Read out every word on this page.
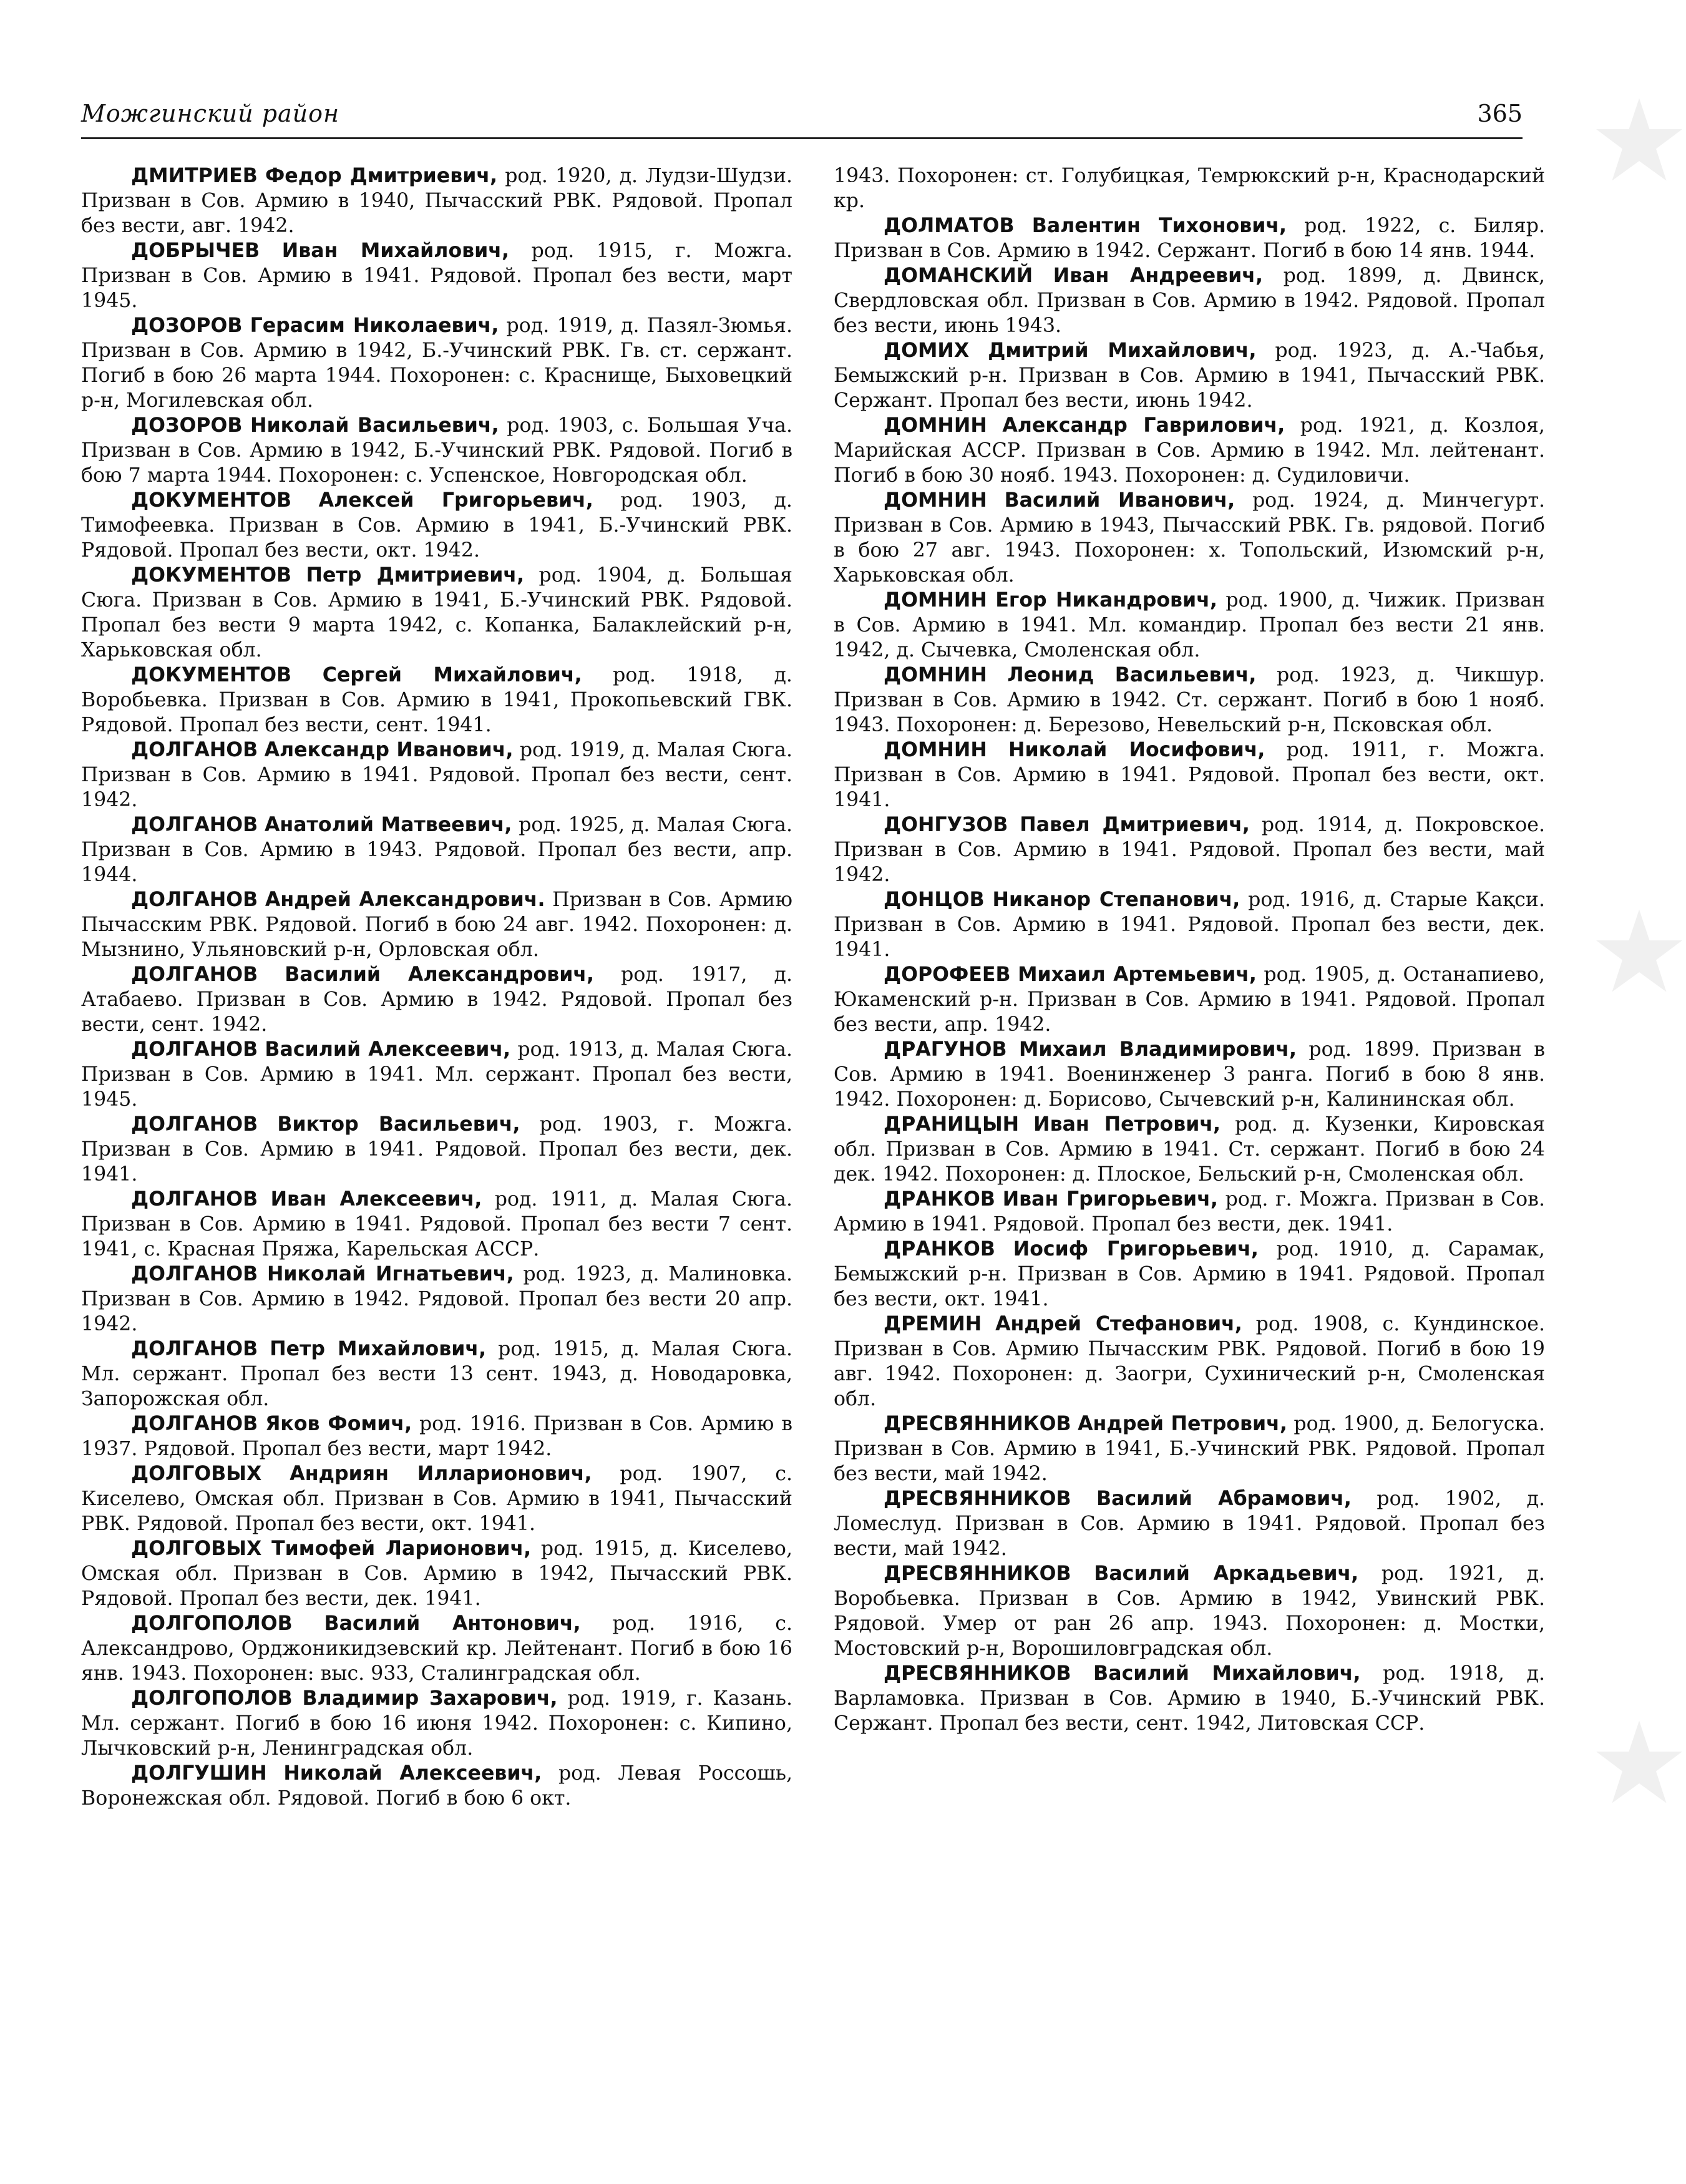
Можгинский район	365

ДМИТРИЕВ Федор Дмитриевич, род. 1920, д. Лудзи-Шудзи. Призван в Сов. Армию в 1940, Пычасский РВК. Рядовой. Пропал без вести, авг. 1942.

ДОБРЫЧЕВ Иван Михайлович, род. 1915, г. Можга. Призван в Сов. Армию в 1941. Рядовой. Пропал без вести, март 1945.

ДОЗОРОВ Герасим Николаевич, род. 1919, д. Пазял-Зюмья. Призван в Сов. Армию в 1942, Б.-Учинский РВК. Гв. ст. сержант. Погиб в бою 26 марта 1944. Похоронен: с. Краснище, Быховецкий р-н, Могилевская обл.

ДОЗОРОВ Николай Васильевич, род. 1903, с. Большая Уча. Призван в Сов. Армию в 1942, Б.-Учинский РВК. Рядовой. Погиб в бою 7 марта 1944. Похоронен: с. Успенское, Новгородская обл.

ДОКУМЕНТОВ Алексей Григорьевич, род. 1903, д. Тимофеевка. Призван в Сов. Армию в 1941, Б.-Учинский РВК. Рядовой. Пропал без вести, окт. 1942.

ДОКУМЕНТОВ Петр Дмитриевич, род. 1904, д. Большая Сюга. Призван в Сов. Армию в 1941, Б.-Учинский РВК. Рядовой. Пропал без вести 9 марта 1942, с. Копанка, Балаклейский р-н, Харьковская обл.

ДОКУМЕНТОВ Сергей Михайлович, род. 1918, д. Воробьевка. Призван в Сов. Армию в 1941, Прокопьевский ГВК. Рядовой. Пропал без вести, сент. 1941.

ДОЛГАНОВ Александр Иванович, род. 1919, д. Малая Сюга. Призван в Сов. Армию в 1941. Рядовой. Пропал без вести, сент. 1942.

ДОЛГАНОВ Анатолий Матвеевич, род. 1925, д. Малая Сюга. Призван в Сов. Армию в 1943. Рядовой. Пропал без вести, апр. 1944.

ДОЛГАНОВ Андрей Александрович. Призван в Сов. Армию Пычасским РВК. Рядовой. Погиб в бою 24 авг. 1942. Похоронен: д. Мызнино, Ульяновский р-н, Орловская обл.

ДОЛГАНОВ Василий Александрович, род. 1917, д. Атабаево. Призван в Сов. Армию в 1942. Рядовой. Пропал без вести, сент. 1942.

ДОЛГАНОВ Василий Алексеевич, род. 1913, д. Малая Сюга. Призван в Сов. Армию в 1941. Мл. сержант. Пропал без вести, 1945.

ДОЛГАНОВ Виктор Васильевич, род. 1903, г. Можга. Призван в Сов. Армию в 1941. Рядовой. Пропал без вести, дек. 1941.

ДОЛГАНОВ Иван Алексеевич, род. 1911, д. Малая Сюга. Призван в Сов. Армию в 1941. Рядовой. Пропал без вести 7 сент. 1941, с. Красная Пряжа, Карельская АССР.

ДОЛГАНОВ Николай Игнатьевич, род. 1923, д. Малиновка. Призван в Сов. Армию в 1942. Рядовой. Пропал без вести 20 апр. 1942.

ДОЛГАНОВ Петр Михайлович, род. 1915, д. Малая Сюга. Мл. сержант. Пропал без вести 13 сент. 1943, д. Новодаровка, Запорожская обл.

ДОЛГАНОВ Яков Фомич, род. 1916. Призван в Сов. Армию в 1937. Рядовой. Пропал без вести, март 1942.

ДОЛГОВЫХ Андриян Илларионович, род. 1907, с. Киселево, Омская обл. Призван в Сов. Армию в 1941, Пычасский РВК. Рядовой. Пропал без вести, окт. 1941.

ДОЛГОВЫХ Тимофей Ларионович, род. 1915, д. Киселево, Омская обл. Призван в Сов. Армию в 1942, Пычасский РВК. Рядовой. Пропал без вести, дек. 1941.

ДОЛГОПОЛОВ Василий Антонович, род. 1916, с. Александрово, Орджоникидзевский кр. Лейтенант. Погиб в бою 16 янв. 1943. Похоронен: выс. 933, Сталинградская обл.

ДОЛГОПОЛОВ Владимир Захарович, род. 1919, г. Казань. Мл. сержант. Погиб в бою 16 июня 1942. Похоронен: с. Кипино, Лычковский р-н, Ленинградская обл.

ДОЛГУШИН Николай Алексеевич, род. Левая Россошь, Воронежская обл. Рядовой. Погиб в бою 6 окт.

1943. Похоронен: ст. Голубицкая, Темрюкский р-н, Краснодарский кр.

ДОЛМАТОВ Валентин Тихонович, род. 1922, с. Биляр. Призван в Сов. Армию в 1942. Сержант. Погиб в бою 14 янв. 1944.

ДОМАНСКИЙ Иван Андреевич, род. 1899, д. Двинск, Свердловская обл. Призван в Сов. Армию в 1942. Рядовой. Пропал без вести, июнь 1943.

ДОМИХ Дмитрий Михайлович, род. 1923, д. А.-Чабья, Бемыжский р-н. Призван в Сов. Армию в 1941, Пычасский РВК. Сержант. Пропал без вести, июнь 1942.

ДОМНИН Александр Гаврилович, род. 1921, д. Козлоя, Марийская АССР. Призван в Сов. Армию в 1942. Мл. лейтенант. Погиб в бою 30 нояб. 1943. Похоронен: д. Судиловичи.

ДОМНИН Василий Иванович, род. 1924, д. Минчегурт. Призван в Сов. Армию в 1943, Пычасский РВК. Гв. рядовой. Погиб в бою 27 авг. 1943. Похоронен: х. Топольский, Изюмский р-н, Харьковская обл.

ДОМНИН Егор Никандрович, род. 1900, д. Чижик. Призван в Сов. Армию в 1941. Мл. командир. Пропал без вести 21 янв. 1942, д. Сычевка, Смоленская обл.

ДОМНИН Леонид Васильевич, род. 1923, д. Чикшур. Призван в Сов. Армию в 1942. Ст. сержант. Погиб в бою 1 нояб. 1943. Похоронен: д. Березово, Невельский р-н, Псковская обл.

ДОМНИН Николай Иосифович, род. 1911, г. Можга. Призван в Сов. Армию в 1941. Рядовой. Пропал без вести, окт. 1941.

ДОНГУЗОВ Павел Дмитриевич, род. 1914, д. Покровское. Призван в Сов. Армию в 1941. Рядовой. Пропал без вести, май 1942.

ДОНЦОВ Никанор Степанович, род. 1916, д. Старые Кақси. Призван в Сов. Армию в 1941. Рядовой. Пропал без вести, дек. 1941.

ДОРОФЕЕВ Михаил Артемьевич, род. 1905, д. Останапиево, Юкаменский р-н. Призван в Сов. Армию в 1941. Рядовой. Пропал без вести, апр. 1942.

ДРАГУНОВ Михаил Владимирович, род. 1899. Призван в Сов. Армию в 1941. Военинженер 3 ранга. Погиб в бою 8 янв. 1942. Похоронен: д. Борисово, Сычевский р-н, Калининская обл.

ДРАНИЦЫН Иван Петрович, род. д. Кузенки, Кировская обл. Призван в Сов. Армию в 1941. Ст. сержант. Погиб в бою 24 дек. 1942. Похоронен: д. Плоское, Бельский р-н, Смоленская обл.

ДРАНКОВ Иван Григорьевич, род. г. Можга. Призван в Сов. Армию в 1941. Рядовой. Пропал без вести, дек. 1941.

ДРАНКОВ Иосиф Григорьевич, род. 1910, д. Сарамак, Бемыжский р-н. Призван в Сов. Армию в 1941. Рядовой. Пропал без вести, окт. 1941.

ДРЕМИН Андрей Стефанович, род. 1908, с. Кундинское. Призван в Сов. Армию Пычасским РВК. Рядовой. Погиб в бою 19 авг. 1942. Похоронен: д. Заогри, Сухиничеcкий р-н, Смоленская обл.

ДРЕСВЯННИКОВ Андрей Петрович, род. 1900, д. Белогуска. Призван в Сов. Армию в 1941, Б.-Учинский РВК. Рядовой. Пропал без вести, май 1942.

ДРЕСВЯННИКОВ Василий Абрамович, род. 1902, д. Ломеслуд. Призван в Сов. Армию в 1941. Рядовой. Пропал без вести, май 1942.

ДРЕСВЯННИКОВ Василий Аркадьевич, род. 1921, д. Воробьевка. Призван в Сов. Армию в 1942, Увинский РВК. Рядовой. Умер от ран 26 апр. 1943. Похоронен: д. Мостки, Мостовский р-н, Ворошиловградская обл.

ДРЕСВЯННИКОВ Василий Михайлович, род. 1918, д. Варламовка. Призван в Сов. Армию в 1940, Б.-Учинский РВК. Сержант. Пропал без вести, сент. 1942, Литовская ССР.
